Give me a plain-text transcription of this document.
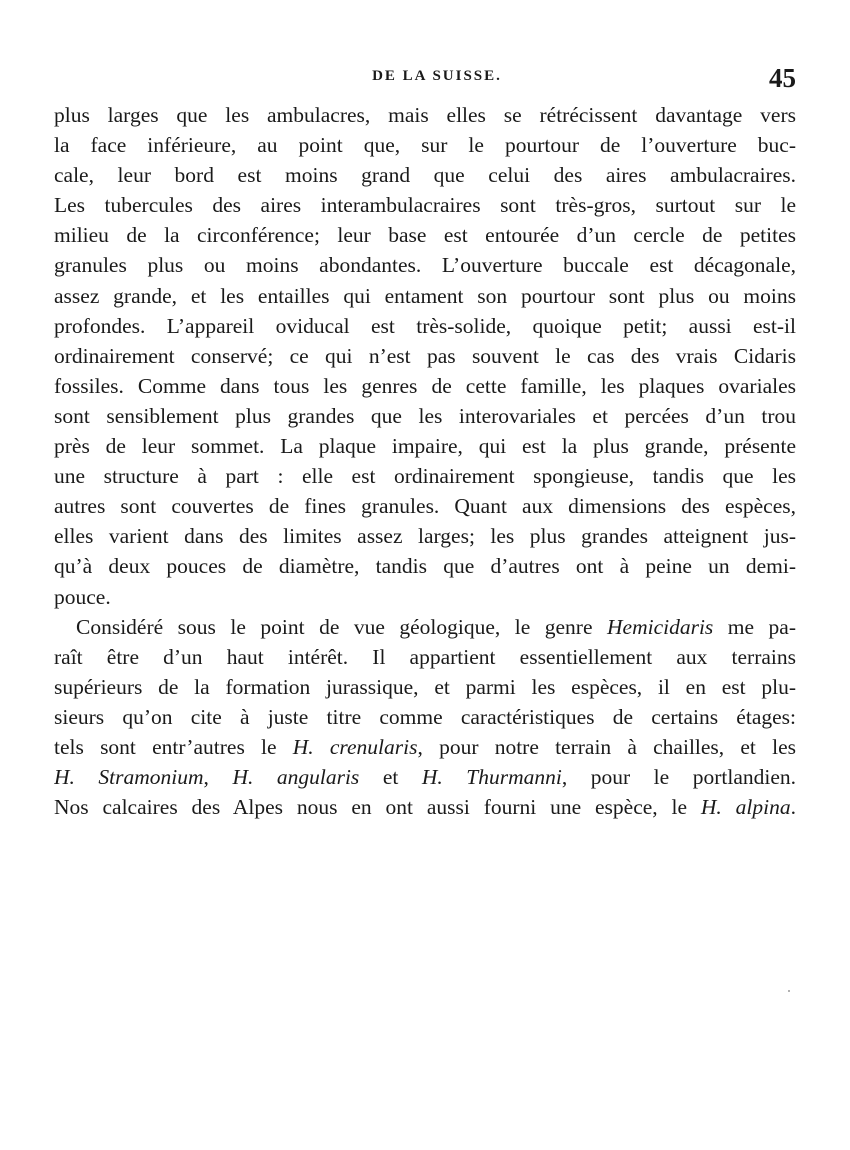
DE LA SUISSE.	45
plus larges que les ambulacres, mais elles se rétrécissent davantage vers
la face inférieure, au point que, sur le pourtour de l’ouverture buc-
cale, leur bord est moins grand que celui des aires ambulacraires.
Les tubercules des aires interambulacraires sont très-gros, surtout sur le
milieu de la circonférence; leur base est entourée d’un cercle de petites
granules plus ou moins abondantes. L’ouverture buccale est décagonale,
assez grande, et les entailles qui entament son pourtour sont plus ou moins
profondes. L’appareil oviducal est très-solide, quoique petit; aussi est-il
ordinairement conservé; ce qui n’est pas souvent le cas des vrais Cidaris
fossiles. Comme dans tous les genres de cette famille, les plaques ovariales
sont sensiblement plus grandes que les interovariales et percées d’un trou
près de leur sommet. La plaque impaire, qui est la plus grande, présente
une structure à part : elle est ordinairement spongieuse, tandis que les
autres sont couvertes de fines granules. Quant aux dimensions des espèces,
elles varient dans des limites assez larges; les plus grandes atteignent jus-
qu’à deux pouces de diamètre, tandis que d’autres ont à peine un demi-
pouce.
Considéré sous le point de vue géologique, le genre Hemicidaris me pa-
raît être d’un haut intérêt. Il appartient essentiellement aux terrains
supérieurs de la formation jurassique, et parmi les espèces, il en est plu-
sieurs qu’on cite à juste titre comme caractéristiques de certains étages:
tels sont entr’autres le H. crenularis, pour notre terrain à chailles, et les
H. Stramonium, H. angularis et H. Thurmanni, pour le portlandien.
Nos calcaires des Alpes nous en ont aussi fourni une espèce, le H. alpina.
